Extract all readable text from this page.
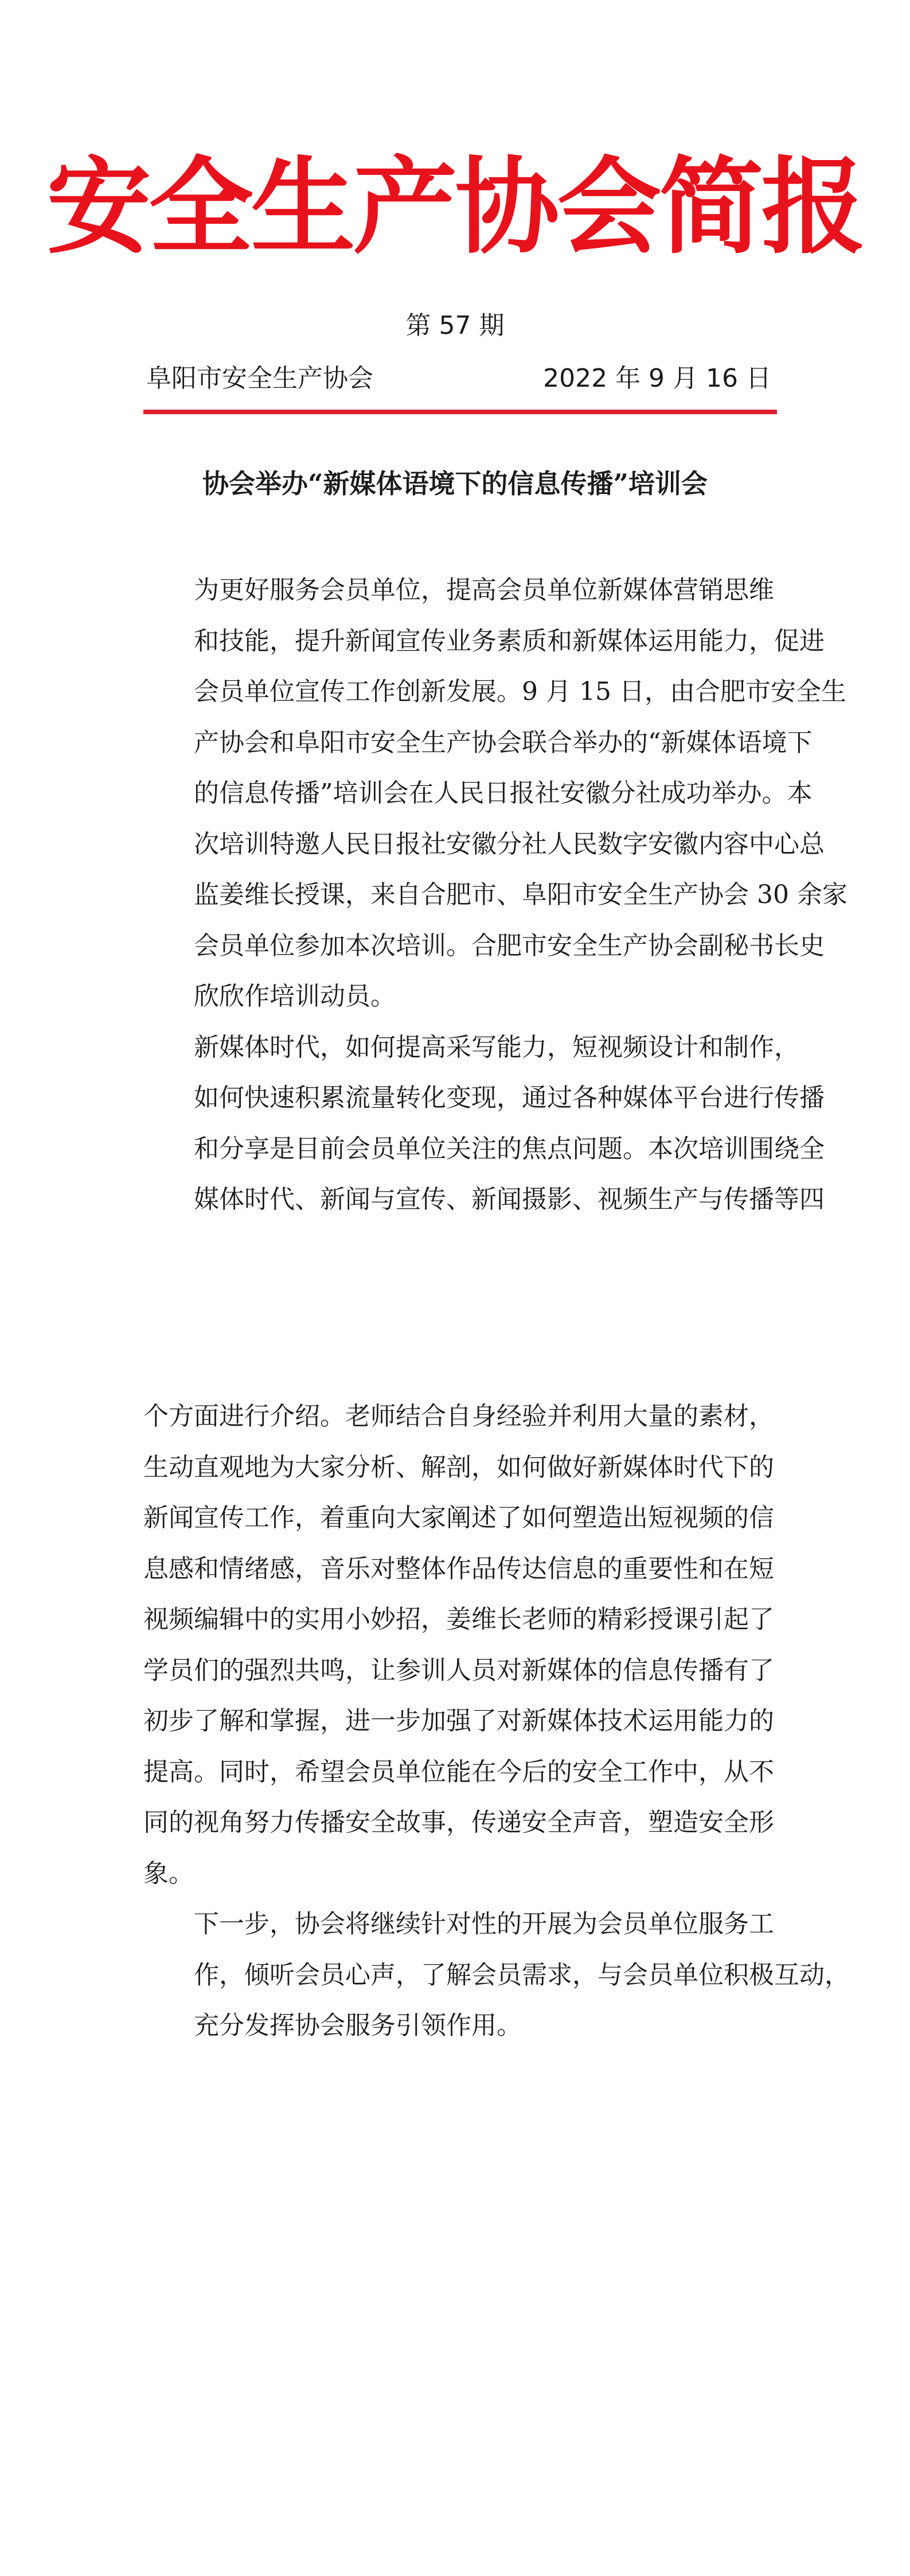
安全生产协会简报
第 57 期
阜阳市安全生产协会	2022 年 9 月 16 日
协会举办“新媒体语境下的信息传播”培训会

为更好服务会员单位，提高会员单位新媒体营销思维
和技能，提升新闻宣传业务素质和新媒体运用能力，促进
会员单位宣传工作创新发展。9 月 15 日，由合肥市安全生
产协会和阜阳市安全生产协会联合举办的“新媒体语境下
的信息传播”培训会在人民日报社安徽分社成功举办。本
次培训特邀人民日报社安徽分社人民数字安徽内容中心总
监姜维长授课，来自合肥市、阜阳市安全生产协会 30 余家
会员单位参加本次培训。合肥市安全生产协会副秘书长史
欣欣作培训动员。

新媒体时代，如何提高采写能力，短视频设计和制作，
如何快速积累流量转化变现，通过各种媒体平台进行传播
和分享是目前会员单位关注的焦点问题。本次培训围绕全
媒体时代、新闻与宣传、新闻摄影、视频生产与传播等四

个方面进行介绍。老师结合自身经验并利用大量的素材，
生动直观地为大家分析、解剖，如何做好新媒体时代下的
新闻宣传工作，着重向大家阐述了如何塑造出短视频的信
息感和情绪感，音乐对整体作品传达信息的重要性和在短
视频编辑中的实用小妙招，姜维长老师的精彩授课引起了
学员们的强烈共鸣，让参训人员对新媒体的信息传播有了
初步了解和掌握，进一步加强了对新媒体技术运用能力的
提高。同时，希望会员单位能在今后的安全工作中，从不
同的视角努力传播安全故事，传递安全声音，塑造安全形
象。

下一步，协会将继续针对性的开展为会员单位服务工
作，倾听会员心声，了解会员需求，与会员单位积极互动，
充分发挥协会服务引领作用。
